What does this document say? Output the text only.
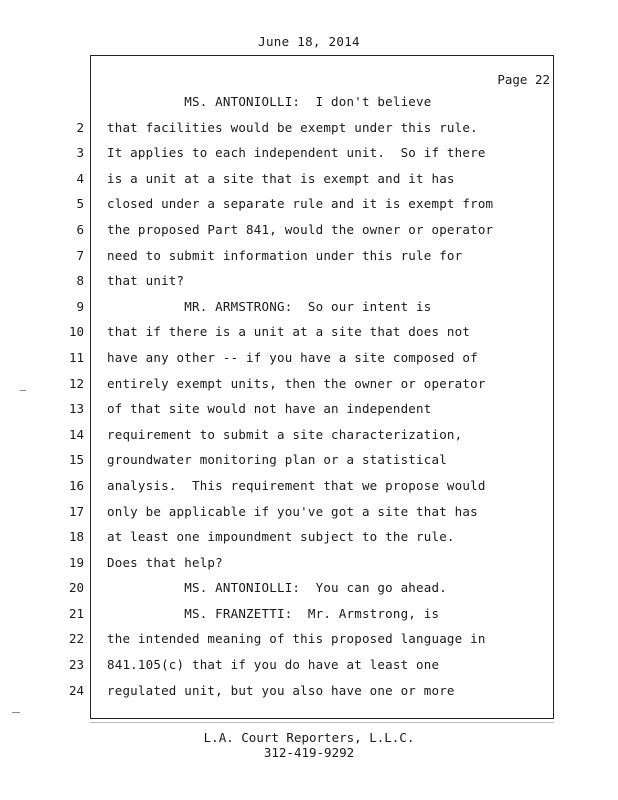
June 18, 2014
Page 22
2
3
4
5
6
7
8
9
10
11
12
13
14
15
16
17
18
19
20
21
22
23
24
MS. ANTONIOLLI:  I don't believe
that facilities would be exempt under this rule.
It applies to each independent unit.  So if there
is a unit at a site that is exempt and it has
closed under a separate rule and it is exempt from
the proposed Part 841, would the owner or operator
need to submit information under this rule for
that unit?
MR. ARMSTRONG:  So our intent is
that if there is a unit at a site that does not
have any other -- if you have a site composed of
entirely exempt units, then the owner or operator
of that site would not have an independent
requirement to submit a site characterization,
groundwater monitoring plan or a statistical
analysis.  This requirement that we propose would
only be applicable if you've got a site that has
at least one impoundment subject to the rule.
Does that help?
MS. ANTONIOLLI:  You can go ahead.
MS. FRANZETTI:  Mr. Armstrong, is
the intended meaning of this proposed language in
841.105(c) that if you do have at least one
regulated unit, but you also have one or more
L.A. Court Reporters, L.L.C.
312-419-9292
